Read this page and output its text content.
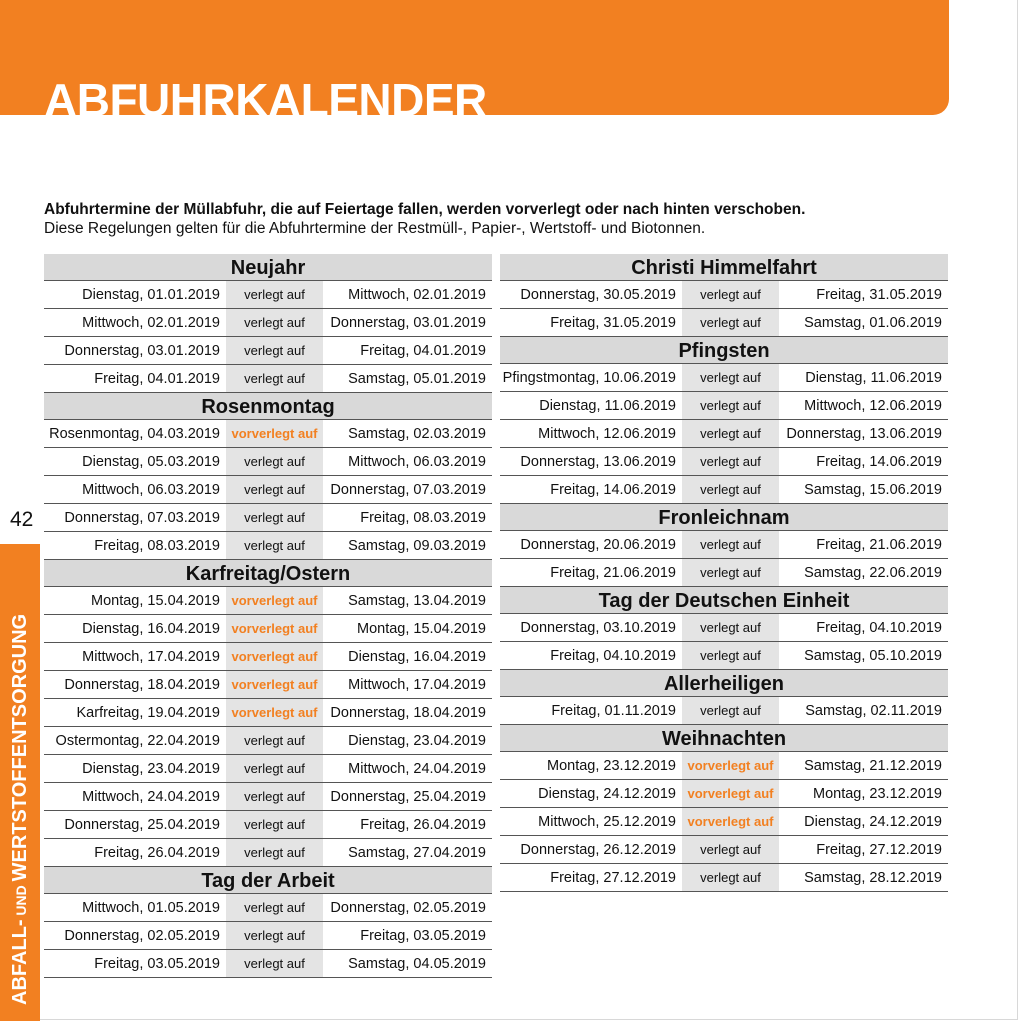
ABFUHRKALENDER
Abfuhrtermine der Müllabfuhr, die auf Feiertage fallen, werden vorverlegt oder nach hinten verschoben.
Diese Regelungen gelten für die Abfuhrtermine der Restmüll-, Papier-, Wertstoff- und Biotonnen.
42
ABFALL- UND WERTSTOFFENTSORGUNG
Neujahr
Dienstag, 01.01.2019	verlegt auf	Mittwoch, 02.01.2019
Mittwoch, 02.01.2019	verlegt auf	Donnerstag, 03.01.2019
Donnerstag, 03.01.2019	verlegt auf	Freitag, 04.01.2019
Freitag, 04.01.2019	verlegt auf	Samstag, 05.01.2019
Rosenmontag
Rosenmontag, 04.03.2019 vorverlegt auf	Samstag, 02.03.2019
Dienstag, 05.03.2019	verlegt auf	Mittwoch, 06.03.2019
Mittwoch, 06.03.2019	verlegt auf	Donnerstag, 07.03.2019
Donnerstag, 07.03.2019	verlegt auf	Freitag, 08.03.2019
Freitag, 08.03.2019	verlegt auf	Samstag, 09.03.2019
Karfreitag/Ostern
Montag, 15.04.2019 vorverlegt auf	Samstag, 13.04.2019
Dienstag, 16.04.2019 vorverlegt auf	Montag, 15.04.2019
Mittwoch, 17.04.2019 vorverlegt auf	Dienstag, 16.04.2019
Donnerstag, 18.04.2019 vorverlegt auf	Mittwoch, 17.04.2019
Karfreitag, 19.04.2019 vorverlegt auf Donnerstag, 18.04.2019
Ostermontag, 22.04.2019	verlegt auf	Dienstag, 23.04.2019
Dienstag, 23.04.2019	verlegt auf	Mittwoch, 24.04.2019
Mittwoch, 24.04.2019	verlegt auf	Donnerstag, 25.04.2019
Donnerstag, 25.04.2019	verlegt auf	Freitag, 26.04.2019
Freitag, 26.04.2019	verlegt auf	Samstag, 27.04.2019
Tag der Arbeit
Mittwoch, 01.05.2019	verlegt auf	Donnerstag, 02.05.2019
Donnerstag, 02.05.2019	verlegt auf	Freitag, 03.05.2019
Freitag, 03.05.2019	verlegt auf	Samstag, 04.05.2019
Christi Himmelfahrt
Donnerstag, 30.05.2019	verlegt auf	Freitag, 31.05.2019
Freitag, 31.05.2019	verlegt auf	Samstag, 01.06.2019
Pfingsten
Pfingstmontag, 10.06.2019	verlegt auf	Dienstag, 11.06.2019
Dienstag, 11.06.2019	verlegt auf	Mittwoch, 12.06.2019
Mittwoch, 12.06.2019	verlegt auf	Donnerstag, 13.06.2019
Donnerstag, 13.06.2019	verlegt auf	Freitag, 14.06.2019
Freitag, 14.06.2019	verlegt auf	Samstag, 15.06.2019
Fronleichnam
Donnerstag, 20.06.2019	verlegt auf	Freitag, 21.06.2019
Freitag, 21.06.2019	verlegt auf	Samstag, 22.06.2019
Tag der Deutschen Einheit
Donnerstag, 03.10.2019	verlegt auf	Freitag, 04.10.2019
Freitag, 04.10.2019	verlegt auf	Samstag, 05.10.2019
Allerheiligen
Freitag, 01.11.2019	verlegt auf	Samstag, 02.11.2019
Weihnachten
Montag, 23.12.2019 vorverlegt auf	Samstag, 21.12.2019
Dienstag, 24.12.2019 vorverlegt auf	Montag, 23.12.2019
Mittwoch, 25.12.2019 vorverlegt auf	Dienstag, 24.12.2019
Donnerstag, 26.12.2019	verlegt auf	Freitag, 27.12.2019
Freitag, 27.12.2019	verlegt auf	Samstag, 28.12.2019
